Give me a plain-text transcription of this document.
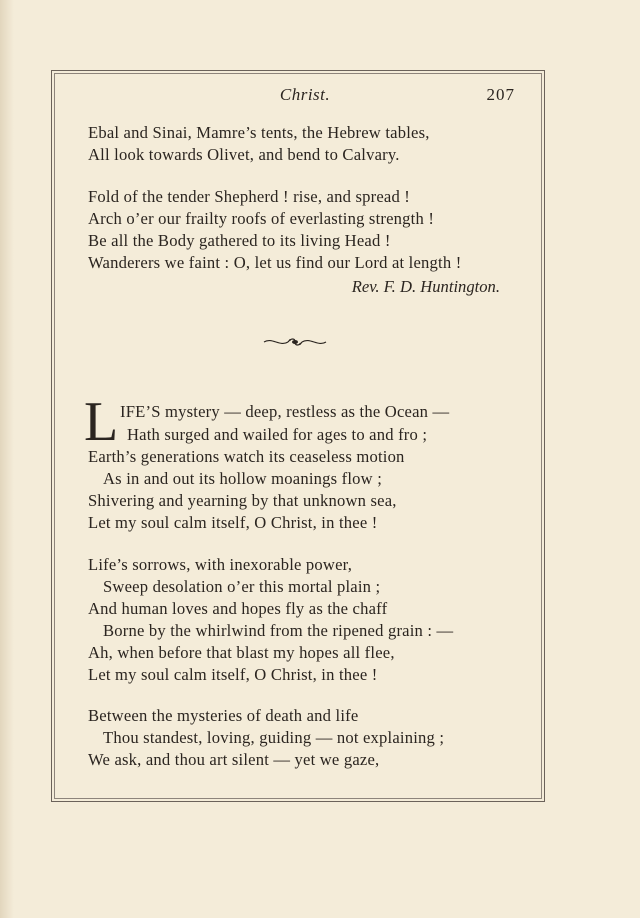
Christ.	207
Ebal and Sinai, Mamre’s tents, the Hebrew tables,
All look towards Olivet, and bend to Calvary.
Fold of the tender Shepherd ! rise, and spread !
Arch o’er our frailty roofs of everlasting strength !
Be all the Body gathered to its living Head !
Wanderers we faint : O, let us find our Lord at length !
Rev. F. D. Huntington.
L IFE’S mystery — deep, restless as the Ocean —
Hath surged and wailed for ages to and fro ;
Earth’s generations watch its ceaseless motion
As in and out its hollow moanings flow ;
Shivering and yearning by that unknown sea,
Let my soul calm itself, O Christ, in thee !
Life’s sorrows, with inexorable power,
Sweep desolation o’er this mortal plain ;
And human loves and hopes fly as the chaff
Borne by the whirlwind from the ripened grain : —
Ah, when before that blast my hopes all flee,
Let my soul calm itself, O Christ, in thee !
Between the mysteries of death and life
Thou standest, loving, guiding — not explaining ;
We ask, and thou art silent — yet we gaze,
